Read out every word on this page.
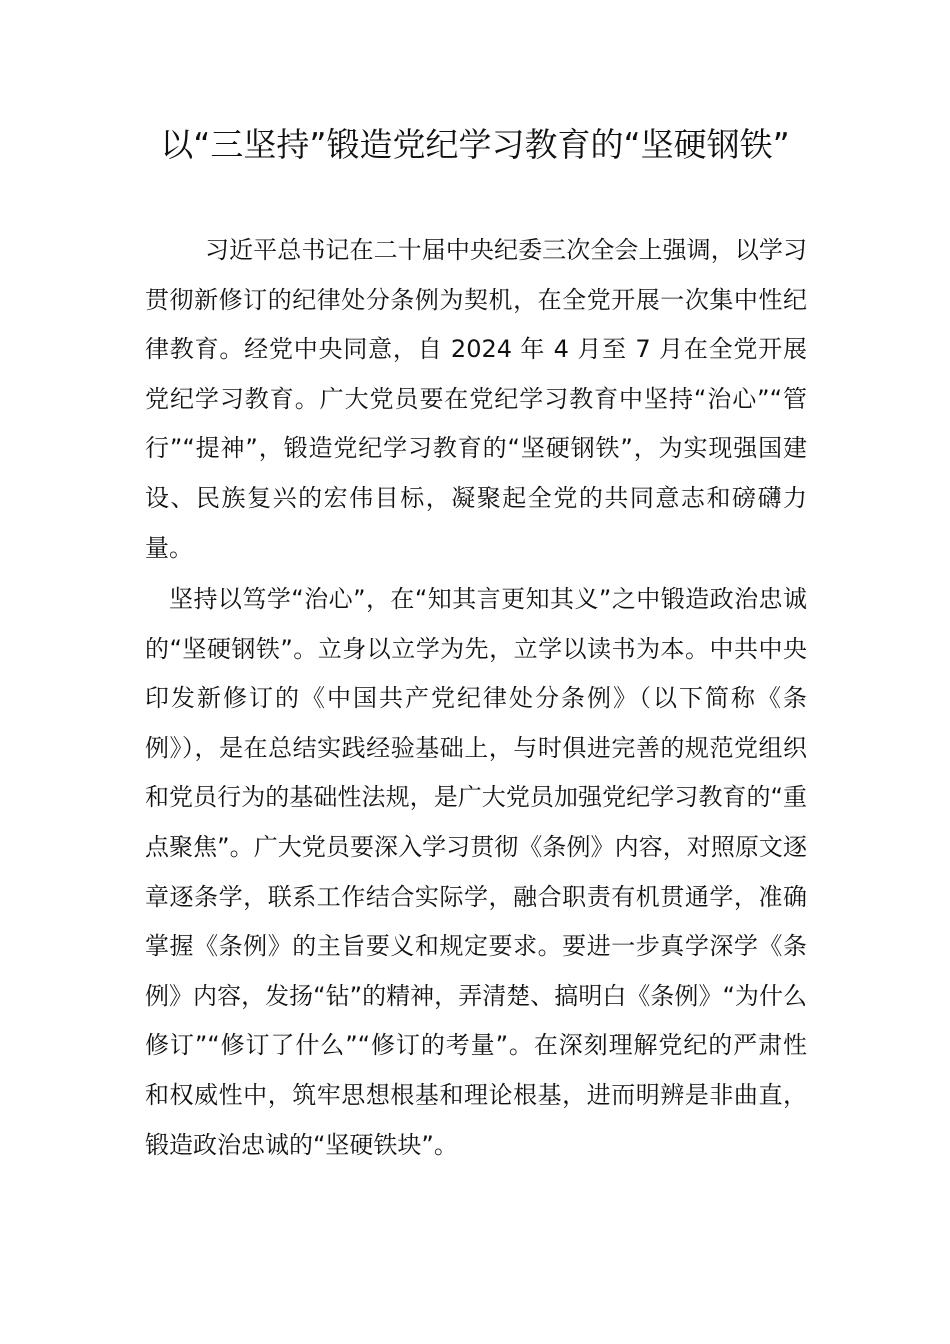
以“三坚持”锻造党纪学习教育的“坚硬钢铁”

习近平总书记在二十届中央纪委三次全会上强调，以学习贯彻新修订的纪律处分条例为契机，在全党开展一次集中性纪律教育。经党中央同意，自 2024 年 4 月至 7 月在全党开展党纪学习教育。广大党员要在党纪学习教育中坚持“治心”“管行”“提神”，锻造党纪学习教育的“坚硬钢铁”，为实现强国建设、民族复兴的宏伟目标，凝聚起全党的共同意志和磅礴力量。

坚持以笃学“治心”，在“知其言更知其义”之中锻造政治忠诚的“坚硬钢铁”。立身以立学为先，立学以读书为本。中共中央印发新修订的《中国共产党纪律处分条例》（以下简称《条例》），是在总结实践经验基础上，与时俱进完善的规范党组织和党员行为的基础性法规，是广大党员加强党纪学习教育的“重点聚焦”。广大党员要深入学习贯彻《条例》内容，对照原文逐章逐条学，联系工作结合实际学，融合职责有机贯通学，准确掌握《条例》的主旨要义和规定要求。要进一步真学深学《条例》内容，发扬“钻”的精神，弄清楚、搞明白《条例》“为什么修订”“修订了什么”“修订的考量”。在深刻理解党纪的严肃性和权威性中，筑牢思想根基和理论根基，进而明辨是非曲直，锻造政治忠诚的“坚硬铁块”。
